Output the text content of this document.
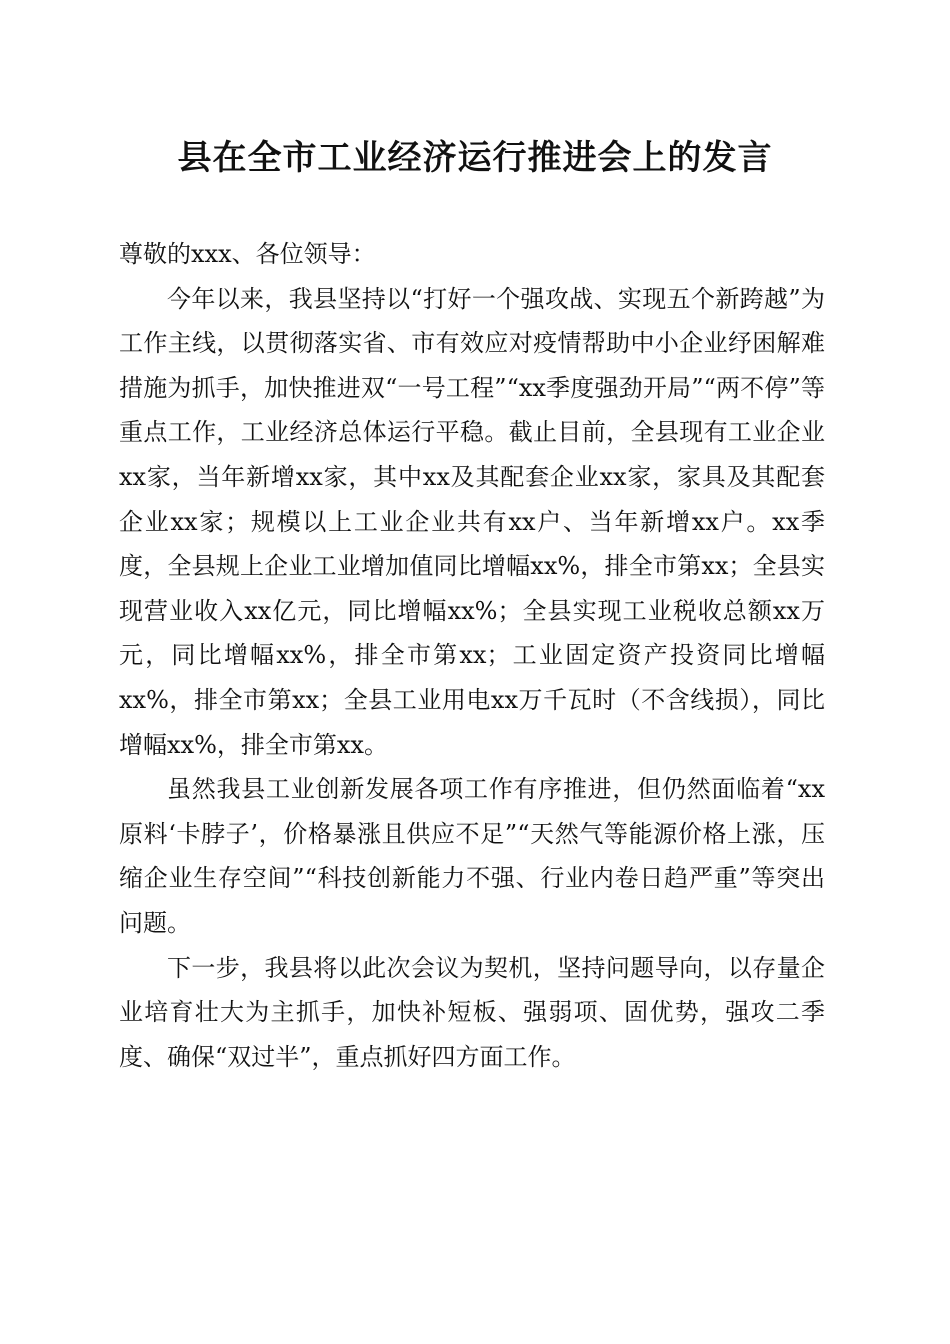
县在全市工业经济运行推进会上的发言

尊敬的xxx、各位领导：

今年以来，我县坚持以“打好一个强攻战、实现五个新跨越”为工作主线，以贯彻落实省、市有效应对疫情帮助中小企业纾困解难措施为抓手，加快推进双“一号工程”“xx季度强劲开局”“两不停”等重点工作，工业经济总体运行平稳。截止目前，全县现有工业企业xx家，当年新增xx家，其中xx及其配套企业xx家，家具及其配套企业xx家；规模以上工业企业共有xx户、当年新增xx户。xx季度，全县规上企业工业增加值同比增幅xx%，排全市第xx；全县实现营业收入xx亿元，同比增幅xx%；全县实现工业税收总额xx万元，同比增幅xx%，排全市第xx；工业固定资产投资同比增幅xx%，排全市第xx；全县工业用电xx万千瓦时（不含线损），同比增幅xx%，排全市第xx。

虽然我县工业创新发展各项工作有序推进，但仍然面临着“xx原料‘卡脖子’，价格暴涨且供应不足”“天然气等能源价格上涨，压缩企业生存空间”“科技创新能力不强、行业内卷日趋严重”等突出问题。

下一步，我县将以此次会议为契机，坚持问题导向，以存量企业培育壮大为主抓手，加快补短板、强弱项、固优势，强攻二季度、确保“双过半”，重点抓好四方面工作。
